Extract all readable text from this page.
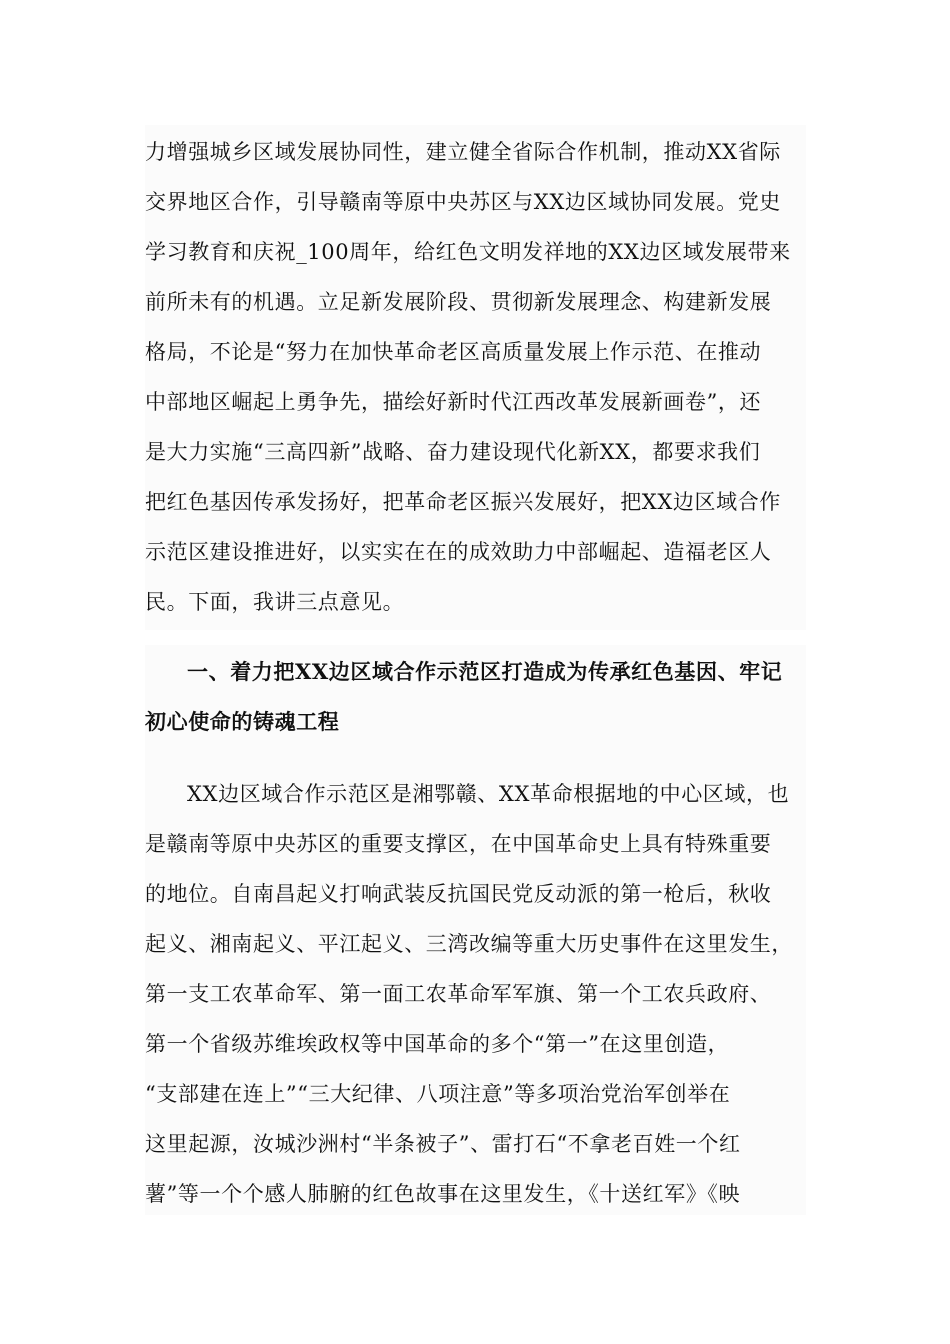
力增强城乡区域发展协同性，建立健全省际合作机制，推动XX省际
交界地区合作，引导赣南等原中央苏区与XX边区域协同发展。党史
学习教育和庆祝_100周年，给红色文明发祥地的XX边区域发展带来
前所未有的机遇。立足新发展阶段、贯彻新发展理念、构建新发展
格局，不论是“努力在加快革命老区高质量发展上作示范、在推动
中部地区崛起上勇争先，描绘好新时代江西改革发展新画卷”，还
是大力实施“三高四新”战略、奋力建设现代化新XX，都要求我们
把红色基因传承发扬好，把革命老区振兴发展好，把XX边区域合作
示范区建设推进好，以实实在在的成效助力中部崛起、造福老区人
民。下面，我讲三点意见。
一、着力把XX边区域合作示范区打造成为传承红色基因、牢记
初心使命的铸魂工程
XX边区域合作示范区是湘鄂赣、XX革命根据地的中心区域，也
是赣南等原中央苏区的重要支撑区，在中国革命史上具有特殊重要
的地位。自南昌起义打响武装反抗国民党反动派的第一枪后，秋收
起义、湘南起义、平江起义、三湾改编等重大历史事件在这里发生，
第一支工农革命军、第一面工农革命军军旗、第一个工农兵政府、
第一个省级苏维埃政权等中国革命的多个“第一”在这里创造，
“支部建在连上”“三大纪律、八项注意”等多项治党治军创举在
这里起源，汝城沙洲村“半条被子”、雷打石“不拿老百姓一个红
薯”等一个个感人肺腑的红色故事在这里发生，《十送红军》《映
